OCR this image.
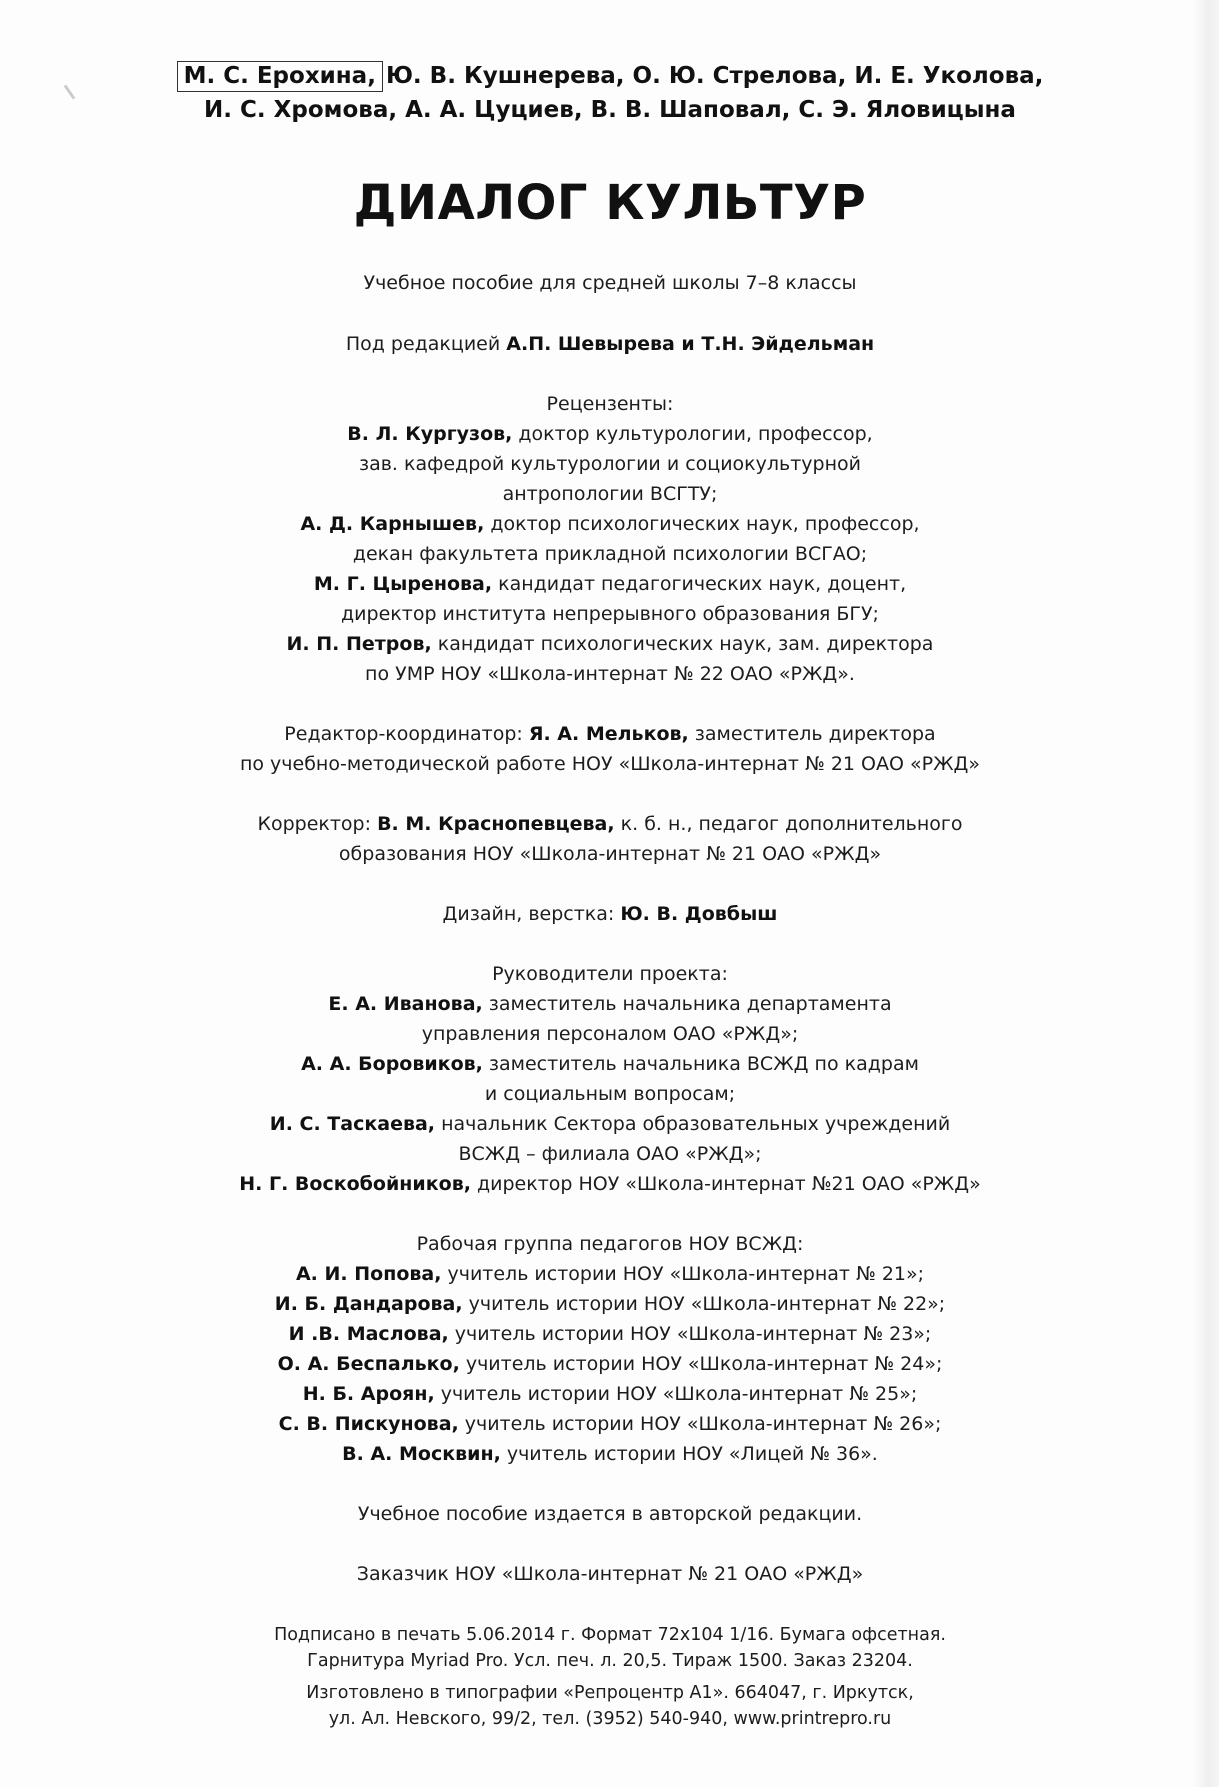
М. С. Ерохина, Ю. В. Кушнерева, О. Ю. Стрелова, И. Е. Уколова,
И. С. Хромова, А. А. Цуциев, В. В. Шаповал, С. Э. Яловицына
ДИАЛОГ КУЛЬТУР
Учебное пособие для средней школы 7–8 классы
Под редакцией А.П. Шевырева и Т.Н. Эйдельман
Рецензенты:
В. Л. Кургузов, доктор культурологии, профессор,
зав. кафедрой культурологии и социокультурной
антропологии ВСГТУ;
А. Д. Карнышев, доктор психологических наук, профессор,
декан факультета прикладной психологии ВСГАО;
М. Г. Цыренова, кандидат педагогических наук, доцент,
директор института непрерывного образования БГУ;
И. П. Петров, кандидат психологических наук, зам. директора
по УМР НОУ «Школа-интернат № 22 ОАО «РЖД».
Редактор-координатор: Я. А. Мельков, заместитель директора
по учебно-методической работе НОУ «Школа-интернат № 21 ОАО «РЖД»
Корректор: В. М. Краснопевцева, к. б. н., педагог дополнительного
образования НОУ «Школа-интернат № 21 ОАО «РЖД»
Дизайн, верстка: Ю. В. Довбыш
Руководители проекта:
Е. А. Иванова, заместитель начальника департамента
управления персоналом ОАО «РЖД»;
А. А. Боровиков, заместитель начальника ВСЖД по кадрам
и социальным вопросам;
И. С. Таскаева, начальник Сектора образовательных учреждений
ВСЖД – филиала ОАО «РЖД»;
Н. Г. Воскобойников, директор НОУ «Школа-интернат №21 ОАО «РЖД»
Рабочая группа педагогов НОУ ВСЖД:
А. И. Попова, учитель истории НОУ «Школа-интернат № 21»;
И. Б. Дандарова, учитель истории НОУ «Школа-интернат № 22»;
И .В. Маслова, учитель истории НОУ «Школа-интернат № 23»;
О. А. Беспалько, учитель истории НОУ «Школа-интернат № 24»;
Н. Б. Ароян, учитель истории НОУ «Школа-интернат № 25»;
С. В. Пискунова, учитель истории НОУ «Школа-интернат № 26»;
В. А. Москвин, учитель истории НОУ «Лицей № 36».
Учебное пособие издается в авторской редакции.
Заказчик НОУ «Школа-интернат № 21 ОАО «РЖД»
Подписано в печать 5.06.2014 г. Формат 72х104 1/16. Бумага офсетная.
Гарнитура Myriad Pro. Усл. печ. л. 20,5. Тираж 1500. Заказ 23204.
Изготовлено в типографии «Репроцентр А1». 664047, г. Иркутск,
ул. Ал. Невского, 99/2, тел. (3952) 540-940, www.printrepro.ru
